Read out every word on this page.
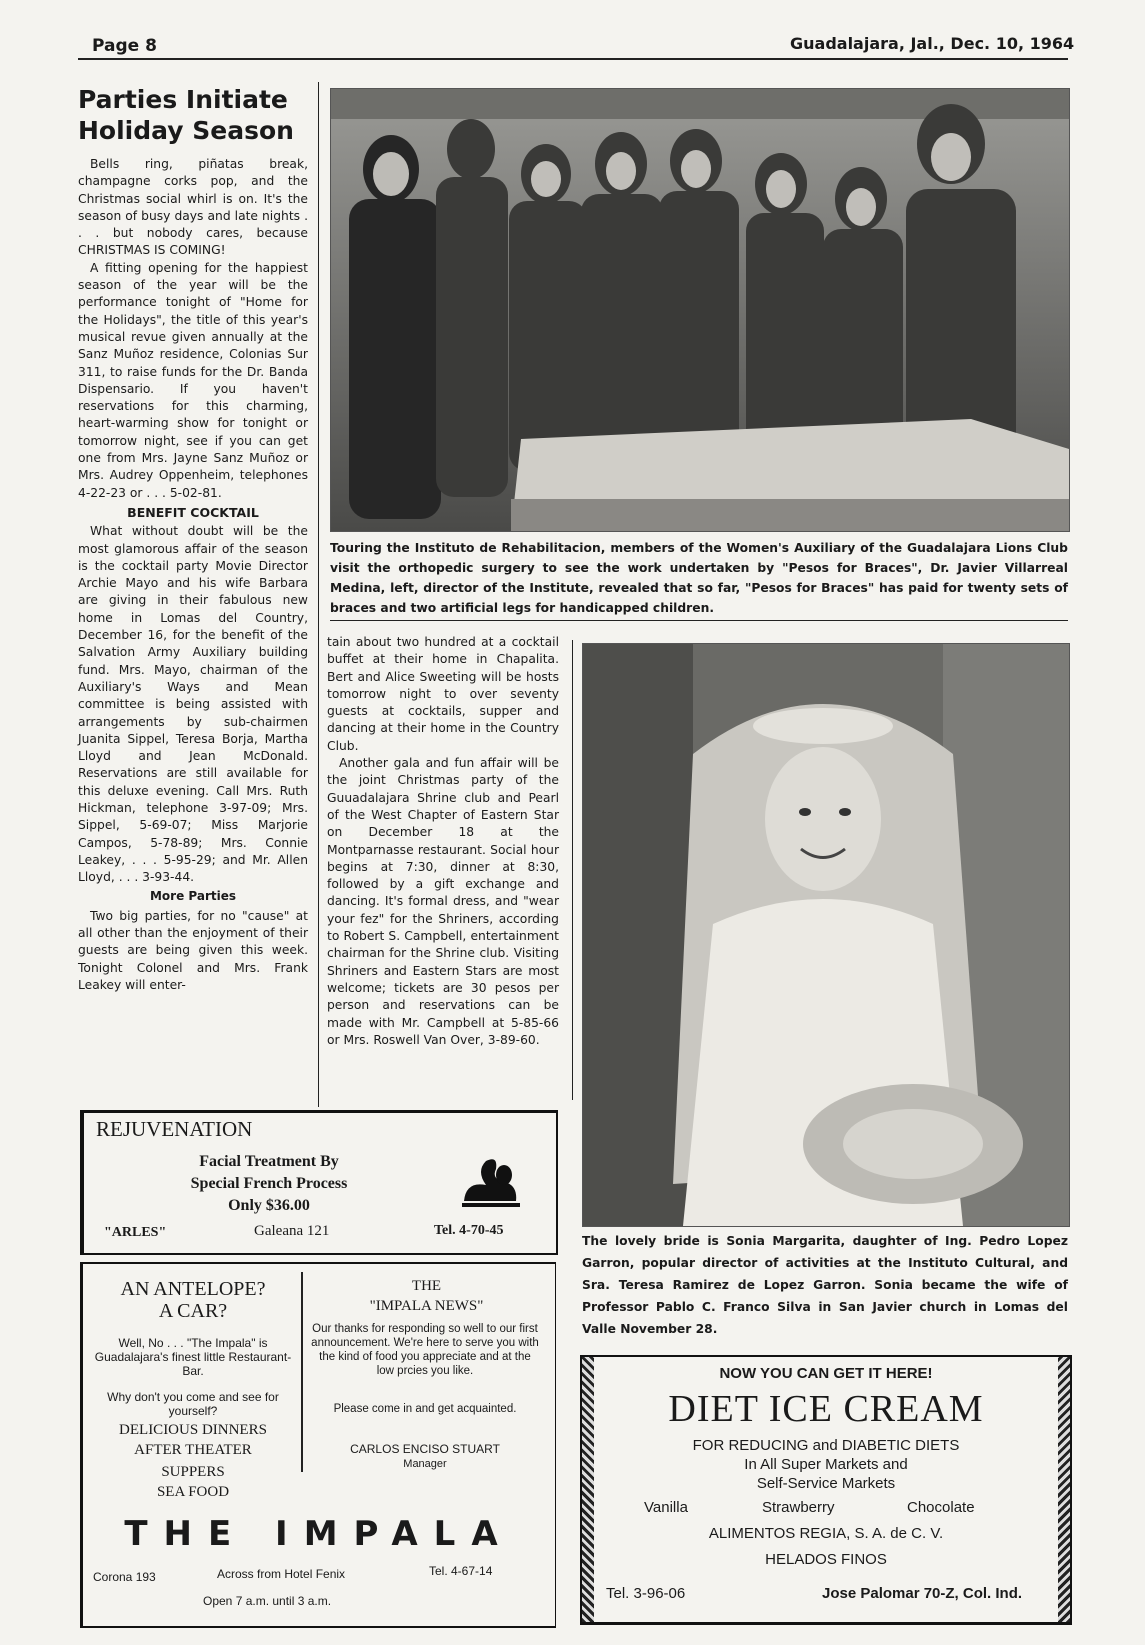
Page 8	Guadalajara, Jal., Dec. 10, 1964
Parties Initiate Holiday Season

Bells ring, piñatas break, champagne corks pop, and the Christmas social whirl is on. It's the season of busy days and late nights . . . but nobody cares, because CHRISTMAS IS COMING!

A fitting opening for the happiest season of the year will be the performance tonight of "Home for the Holidays", the title of this year's musical revue given annually at the Sanz Muñoz residence, Colonias Sur 311, to raise funds for the Dr. Banda Dispensario. If you haven't reservations for this charming, heart-warming show for tonight or tomorrow night, see if you can get one from Mrs. Jayne Sanz Muñoz or Mrs. Audrey Oppenheim, telephones 4-22-23 or . . . 5-02-81.

BENEFIT COCKTAIL

What without doubt will be the most glamorous affair of the season is the cocktail party Movie Director Archie Mayo and his wife Barbara are giving in their fabulous new home in Lomas del Country, December 16, for the benefit of the Salvation Army Auxiliary building fund. Mrs. Mayo, chairman of the Auxiliary's Ways and Mean committee is being assisted with arrangements by sub-chairmen Juanita Sippel, Teresa Borja, Martha Lloyd and Jean McDonald. Reservations are still available for this deluxe evening. Call Mrs. Ruth Hickman, telephone 3-97-09; Mrs. Sippel, 5-69-07; Miss Marjorie Campos, 5-78-89; Mrs. Connie Leakey, . . . 5-95-29; and Mr. Allen Lloyd, . . . 3-93-44.

More Parties

Two big parties, for no "cause" at all other than the enjoyment of their guests are being given this week. Tonight Colonel and Mrs. Frank Leakey will enter-

tain about two hundred at a cocktail buffet at their home in Chapalita. Bert and Alice Sweeting will be hosts tomorrow night to over seventy guests at cocktails, supper and dancing at their home in the Country Club.

Another gala and fun affair will be the joint Christmas party of the Guuadalajara Shrine club and Pearl of the West Chapter of Eastern Star on December 18 at the Montparnasse restaurant. Social hour begins at 7:30, dinner at 8:30, followed by a gift exchange and dancing. It's formal dress, and "wear your fez" for the Shriners, according to Robert S. Campbell, entertainment chairman for the Shrine club. Visiting Shriners and Eastern Stars are most welcome; tickets are 30 pesos per person and reservations can be made with Mr. Campbell at 5-85-66 or Mrs. Roswell Van Over, 3-89-60.

Touring the Instituto de Rehabilitacion, members of the Women's Auxiliary of the Guadalajara Lions Club visit the orthopedic surgery to see the work undertaken by "Pesos for Braces", Dr. Javier Villarreal Medina, left, director of the Institute, revealed that so far, "Pesos for Braces" has paid for twenty sets of braces and two artificial legs for handicapped children.
The lovely bride is Sonia Margarita, daughter of Ing. Pedro Lopez Garron, popular director of activities at the Instituto Cultural, and Sra. Teresa Ramirez de Lopez Garron. Sonia became the wife of Professor Pablo C. Franco Silva in San Javier church in Lomas del Valle November 28.
REJUVENATION
Facial Treatment By
Special French Process
Only $36.00
"ARLES"	Galeana 121	Tel. 4-70-45
AN ANTELOPE?
A CAR?
Well, No . . . "The Impala" is Guadalajara's finest little Restaurant-Bar.
Why don't you come and see for yourself?
DELICIOUS DINNERS
AFTER THEATER
SUPPERS
SEA FOOD
THE
"IMPALA NEWS"
Our thanks for responding so well to our first announcement. We're here to serve you with the kind of food you appreciate and at the low prcies you like.
Please come in and get acquainted.
CARLOS ENCISO STUART
Manager
THE IMPALA
Corona 193	Across from Hotel Fenix	Tel. 4-67-14
Open 7 a.m. until 3 a.m.
NOW YOU CAN GET IT HERE!
DIET ICE CREAM
FOR REDUCING and DIABETIC DIETS
In All Super Markets and
Self-Service Markets
Vanilla	Strawberry	Chocolate
ALIMENTOS REGIA, S. A. de C. V.
HELADOS FINOS
Tel. 3-96-06	Jose Palomar 70-Z, Col. Ind.
